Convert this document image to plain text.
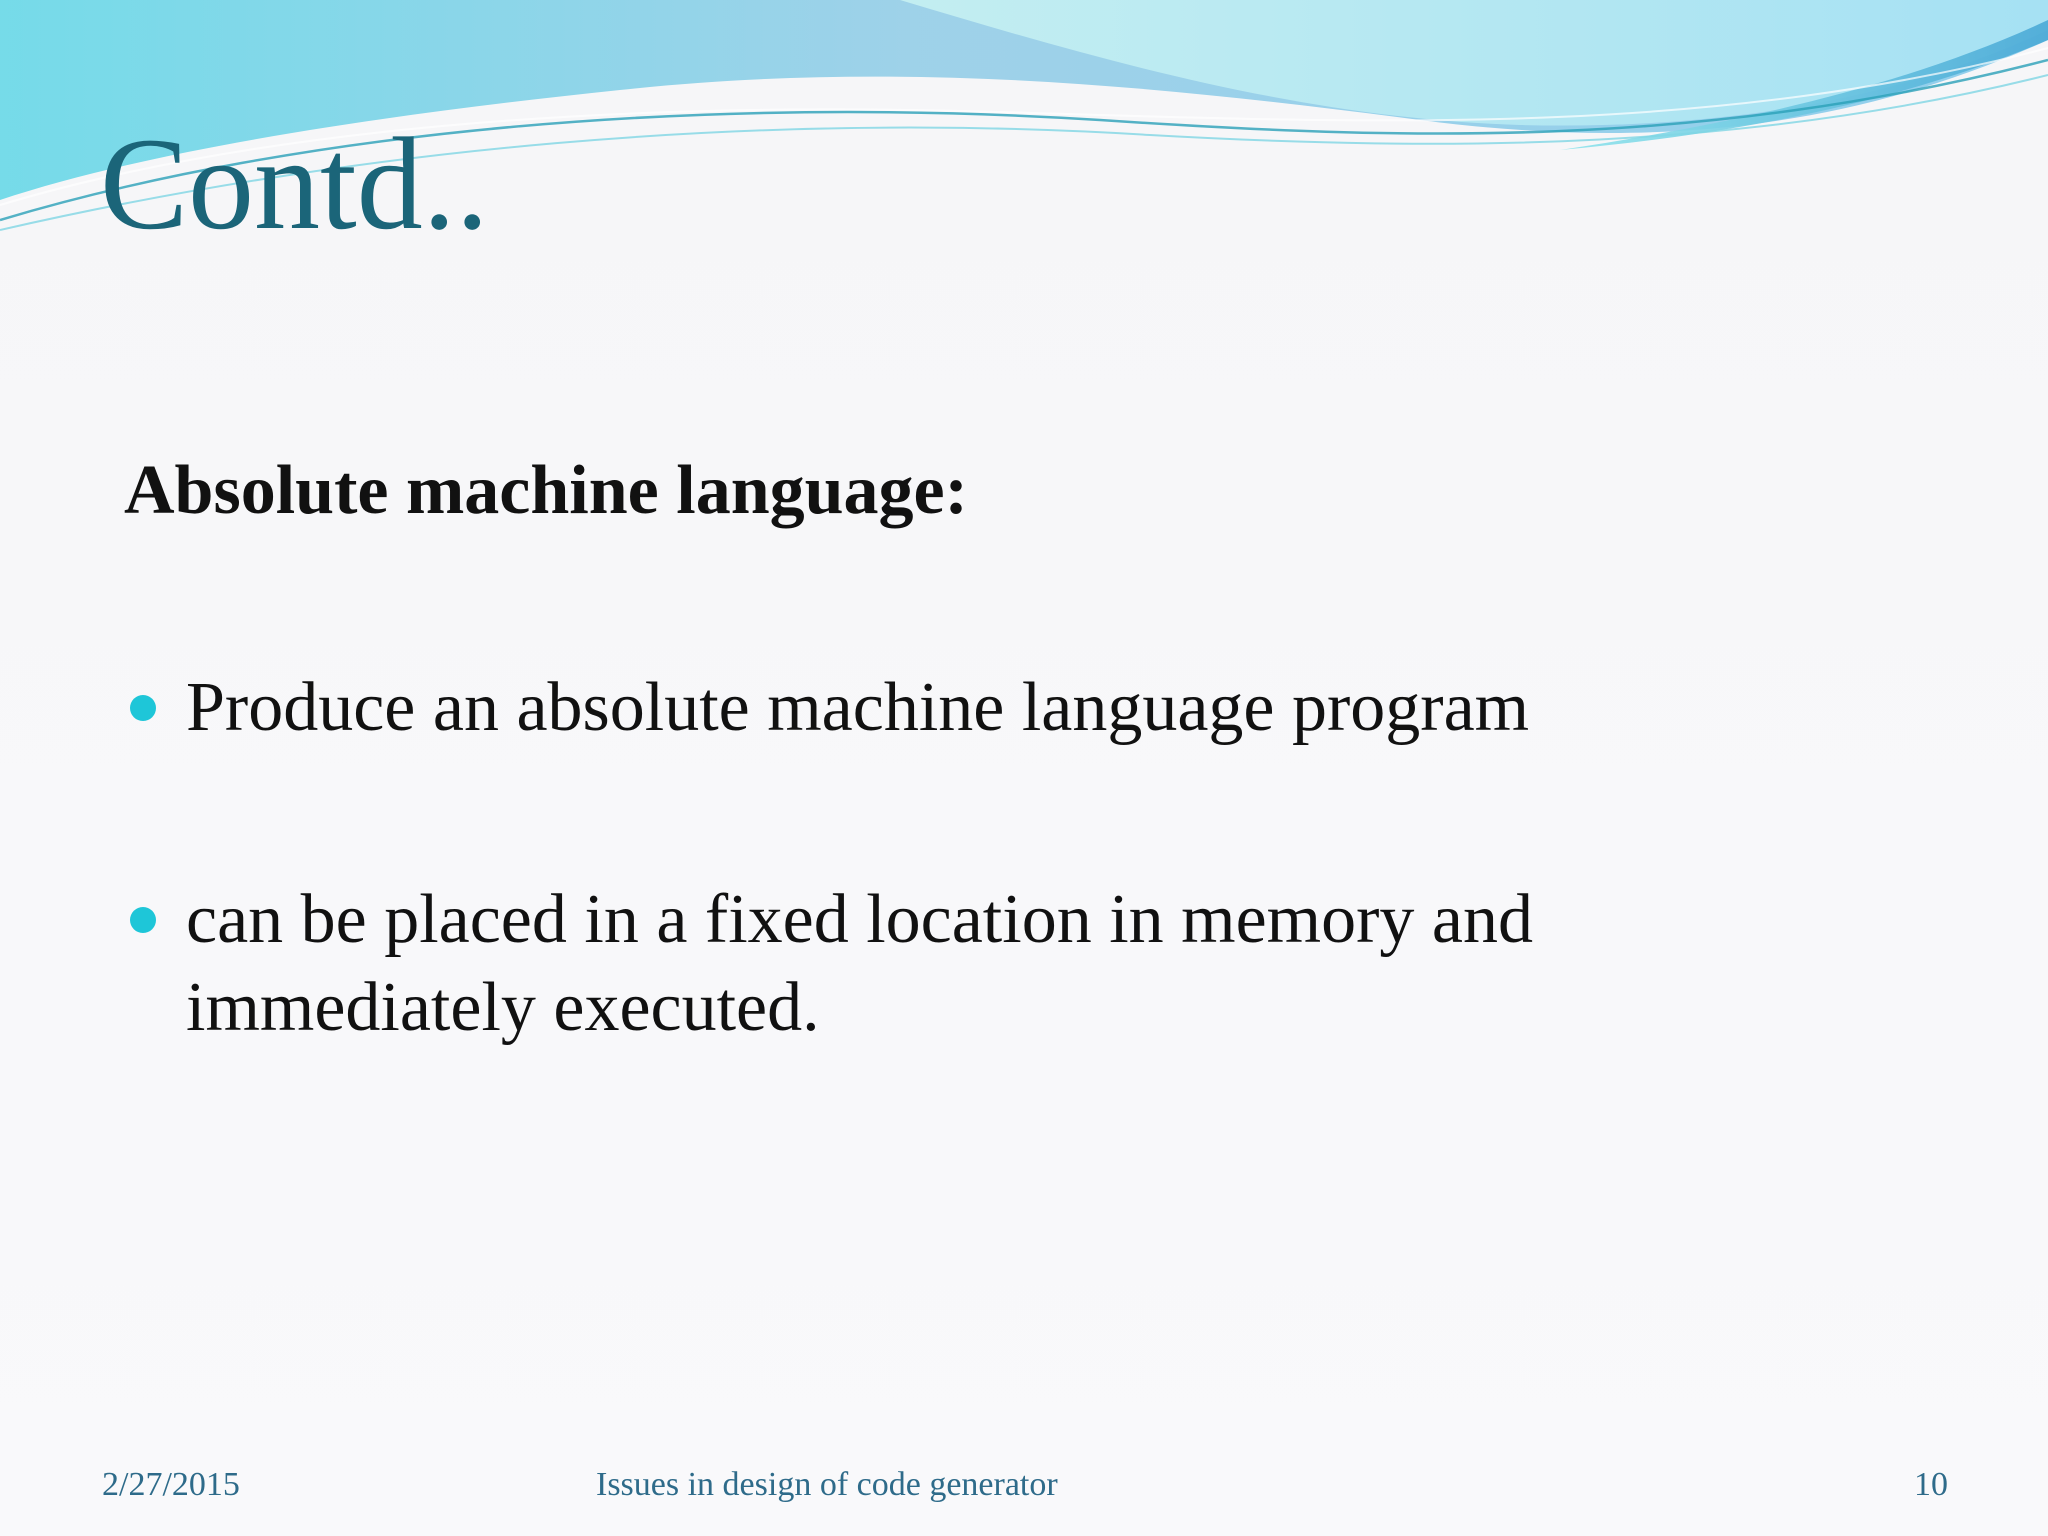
Contd..
Absolute machine language:
Produce an absolute machine language program
can be placed in a fixed location in memory and immediately executed.
2/27/2015	Issues in design of code generator	10
